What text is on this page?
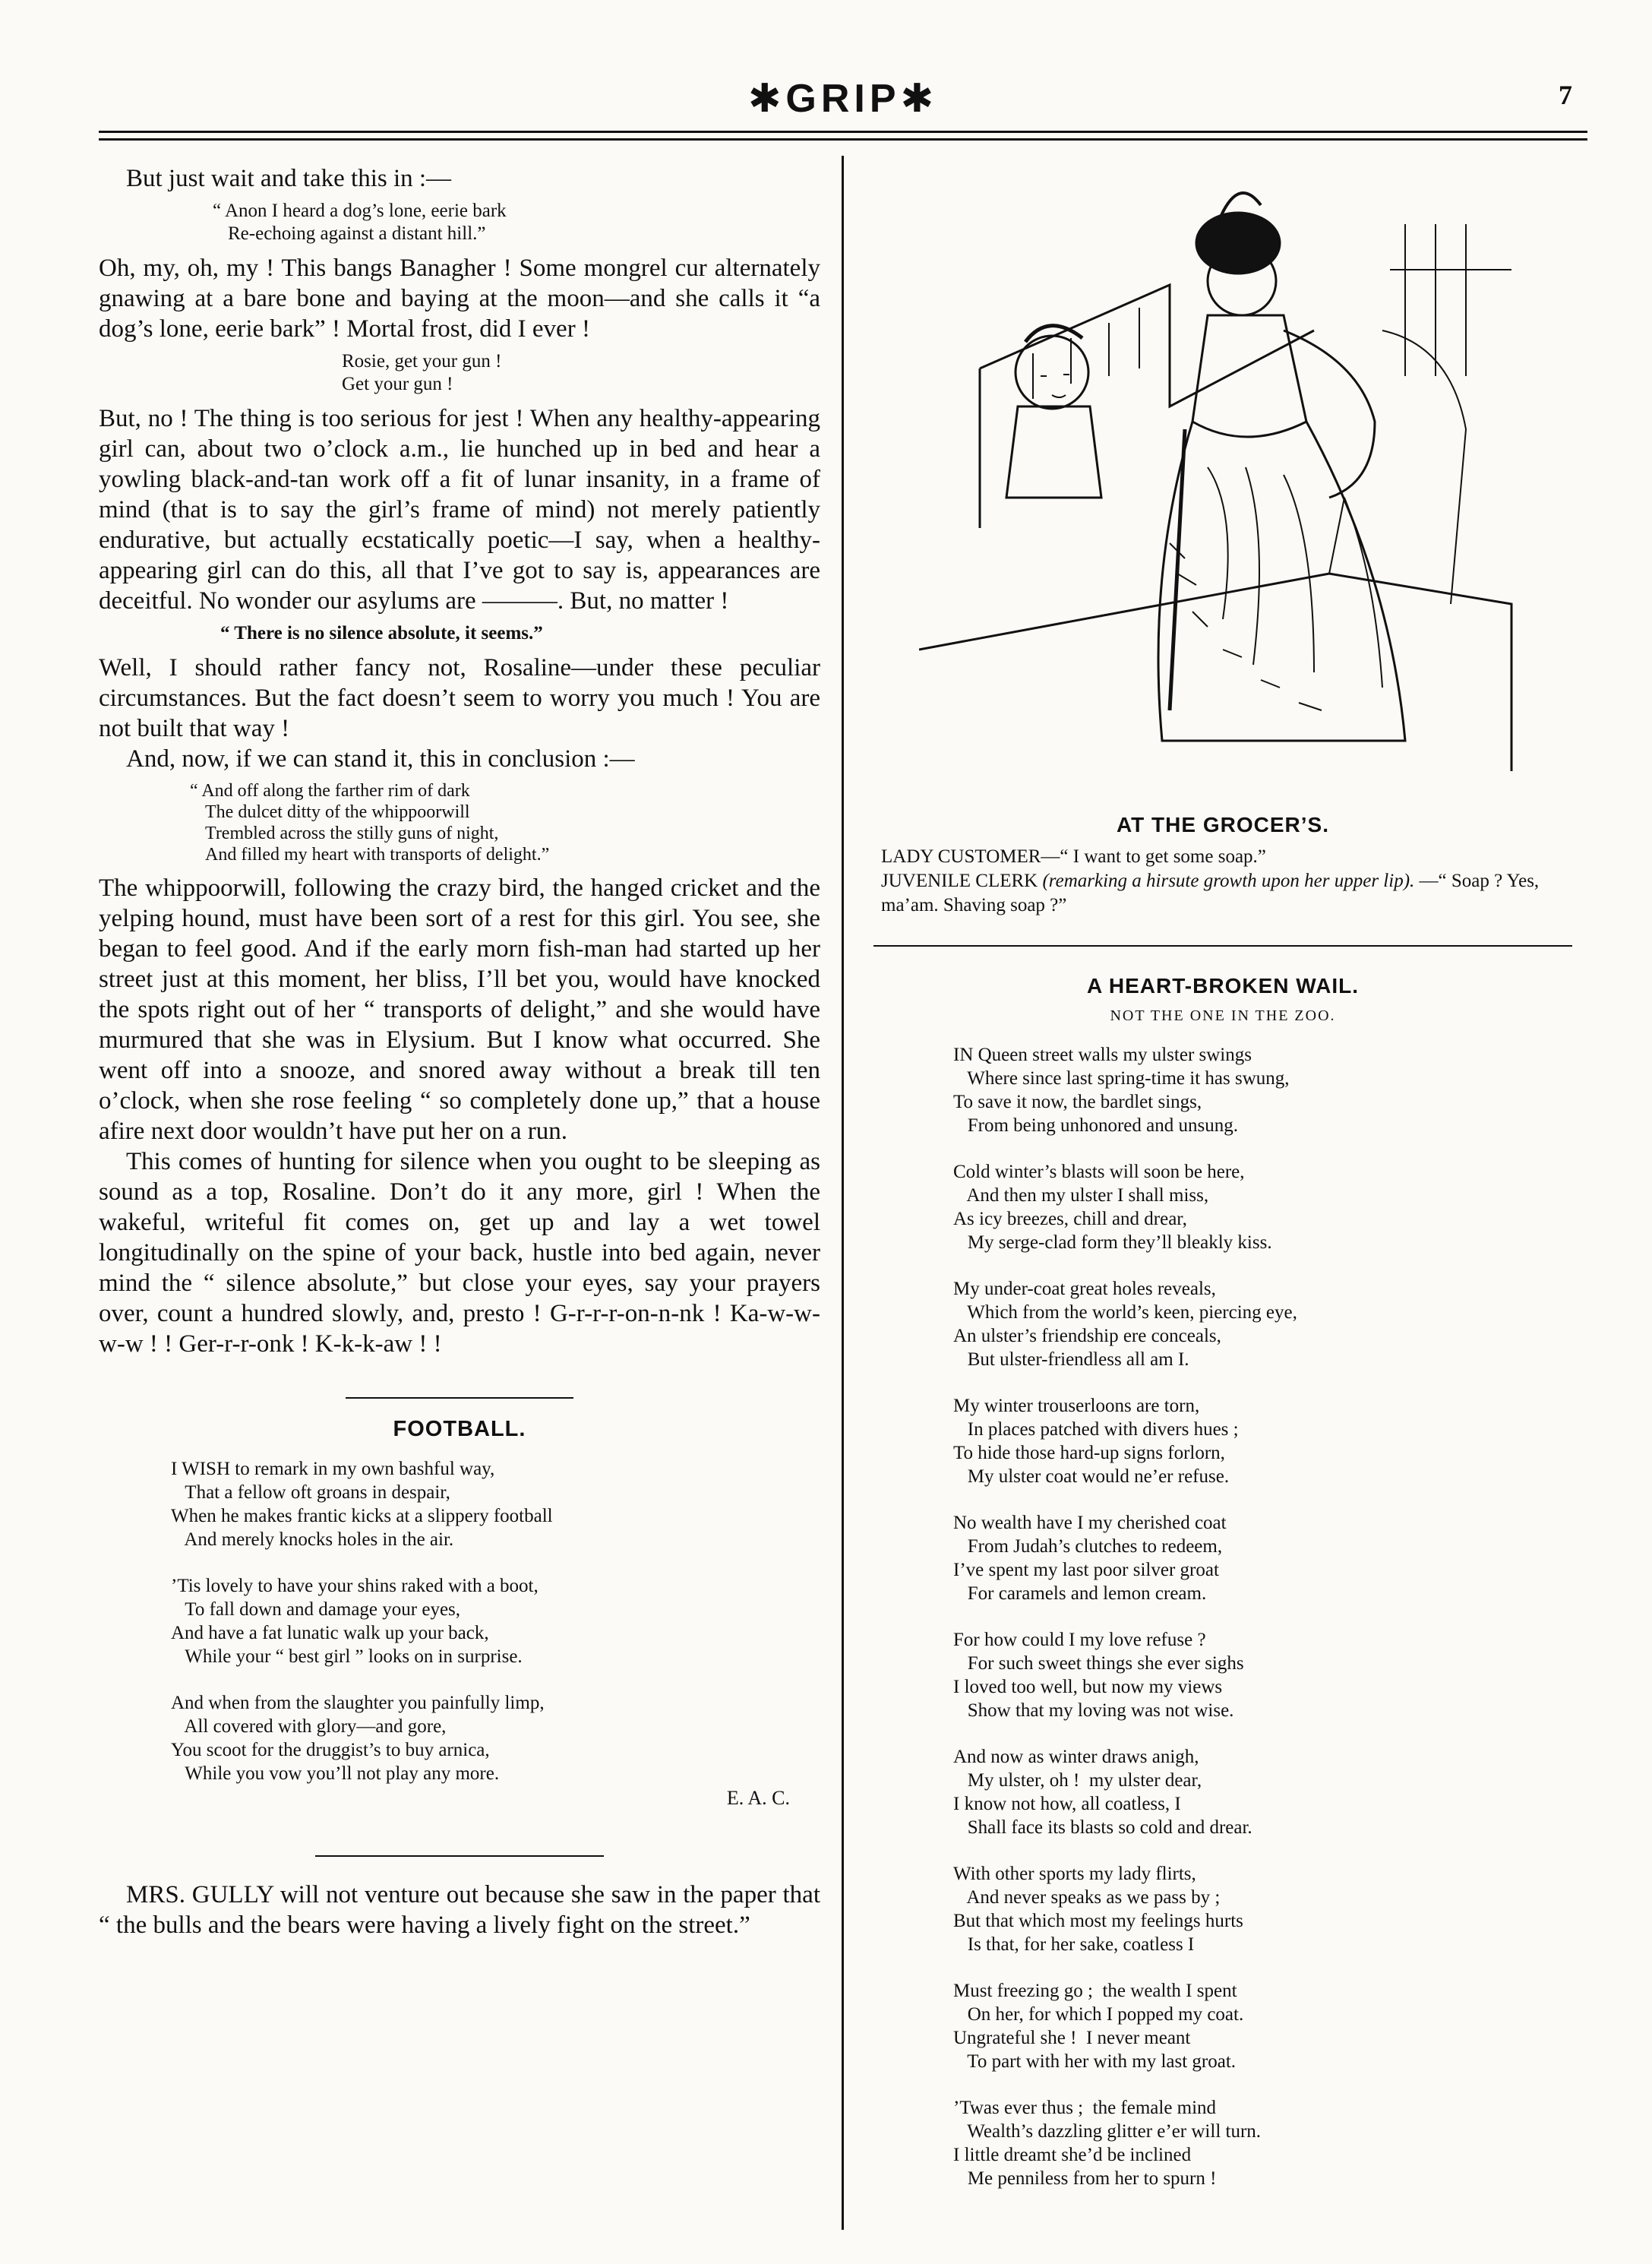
✱GRIP✱	7

But just wait and take this in :—

“ Anon I heard a dog’s lone, eerie bark
Re-echoing against a distant hill.”

Oh, my, oh, my ! This bangs Banagher ! Some mongrel cur alternately gnawing at a bare bone and baying at the moon—and she calls it “a dog’s lone, eerie bark” ! Mortal frost, did I ever !

Rosie, get your gun !
Get your gun !

But, no ! The thing is too serious for jest ! When any healthy-appearing girl can, about two o’clock a.m., lie hunched up in bed and hear a yowling black-and-tan work off a fit of lunar insanity, in a frame of mind (that is to say the girl’s frame of mind) not merely patiently endurative, but actually ecstatically poetic—I say, when a healthy-appearing girl can do this, all that I’ve got to say is, appearances are deceitful. No wonder our asylums are ———. But, no matter !

“ There is no silence absolute, it seems.”

Well, I should rather fancy not, Rosaline—under these peculiar circumstances. But the fact doesn’t seem to worry you much ! You are not built that way !

And, now, if we can stand it, this in conclusion :—

“ And off along the farther rim of dark
The dulcet ditty of the whippoorwill
Trembled across the stilly guns of night,
And filled my heart with transports of delight.”

The whippoorwill, following the crazy bird, the hanged cricket and the yelping hound, must have been sort of a rest for this girl. You see, she began to feel good. And if the early morn fish-man had started up her street just at this moment, her bliss, I’ll bet you, would have knocked the spots right out of her “ transports of delight,” and she would have murmured that she was in Elysium. But I know what occurred. She went off into a snooze, and snored away without a break till ten o’clock, when she rose feeling “ so completely done up,” that a house afire next door wouldn’t have put her on a run.

This comes of hunting for silence when you ought to be sleeping as sound as a top, Rosaline. Don’t do it any more, girl ! When the wakeful, writeful fit comes on, get up and lay a wet towel longitudinally on the spine of your back, hustle into bed again, never mind the “ silence absolute,” but close your eyes, say your prayers over, count a hundred slowly, and, presto ! G-r-r-r-on-n-nk ! Ka-w-w-w-w ! ! Ger-r-r-onk ! K-k-k-aw ! !

FOOTBALL.
I WISH to remark in my own bashful way,
That a fellow oft groans in despair,
When he makes frantic kicks at a slippery football
And merely knocks holes in the air.
’Tis lovely to have your shins raked with a boot,
To fall down and damage your eyes,
And have a fat lunatic walk up your back,
While your “ best girl ” looks on in surprise.
And when from the slaughter you painfully limp,
All covered with glory—and gore,
You scoot for the druggist’s to buy arnica,
While you vow you’ll not play any more.
E. A. C.

MRS. GULLY will not venture out because she saw in the paper that “ the bulls and the bears were having a lively fight on the street.”

AT THE GROCER’S.
LADY CUSTOMER—“ I want to get some soap.”
JUVENILE CLERK (remarking a hirsute growth upon her upper lip). —“ Soap ? Yes, ma’am. Shaving soap ?”
A HEART-BROKEN WAIL.
NOT THE ONE IN THE ZOO.
IN Queen street walls my ulster swings
Where since last spring-time it has swung,
To save it now, the bardlet sings,
From being unhonored and unsung.
Cold winter’s blasts will soon be here,
And then my ulster I shall miss,
As icy breezes, chill and drear,
My serge-clad form they’ll bleakly kiss.
My under-coat great holes reveals,
Which from the world’s keen, piercing eye,
An ulster’s friendship ere conceals,
But ulster-friendless all am I.
My winter trouserloons are torn,
In places patched with divers hues ;
To hide those hard-up signs forlorn,
My ulster coat would ne’er refuse.
No wealth have I my cherished coat
From Judah’s clutches to redeem,
I’ve spent my last poor silver groat
For caramels and lemon cream.
For how could I my love refuse ?
For such sweet things she ever sighs
I loved too well, but now my views
Show that my loving was not wise.
And now as winter draws anigh,
My ulster, oh !  my ulster dear,
I know not how, all coatless, I
Shall face its blasts so cold and drear.
With other sports my lady flirts,
And never speaks as we pass by ;
But that which most my feelings hurts
Is that, for her sake, coatless I
Must freezing go ;  the wealth I spent
On her, for which I popped my coat.
Ungrateful she !  I never meant
To part with her with my last groat.
’Twas ever thus ;  the female mind
Wealth’s dazzling glitter e’er will turn.
I little dreamt she’d be inclined
Me penniless from her to spurn !
